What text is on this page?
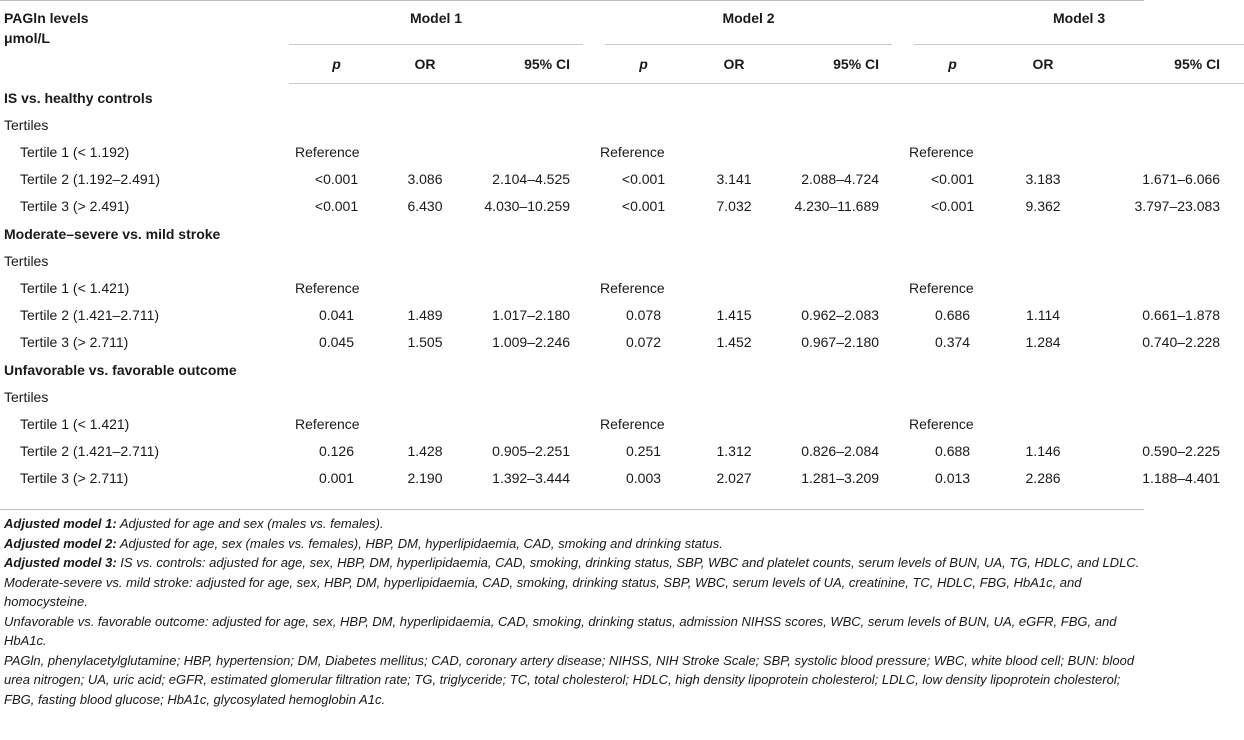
PAGln levels
μmol/L	Model 1			Model 2			Model 3		
	p	OR	95% CI	p	OR	95% CI	p	OR	95% CI
IS vs. healthy controls									
Tertiles									
Tertile 1 (< 1.192)	Reference			Reference			Reference		
Tertile 2 (1.192–2.491)	<0.001	3.086	2.104–4.525	<0.001	3.141	2.088–4.724	<0.001	3.183	1.671–6.066
Tertile 3 (> 2.491)	<0.001	6.430	4.030–10.259	<0.001	7.032	4.230–11.689	<0.001	9.362	3.797–23.083
Moderate–severe vs. mild stroke									
Tertiles									
Tertile 1 (< 1.421)	Reference			Reference			Reference		
Tertile 2 (1.421–2.711)	0.041	1.489	1.017–2.180	0.078	1.415	0.962–2.083	0.686	1.114	0.661–1.878
Tertile 3 (> 2.711)	0.045	1.505	1.009–2.246	0.072	1.452	0.967–2.180	0.374	1.284	0.740–2.228
Unfavorable vs. favorable outcome									
Tertiles									
Tertile 1 (< 1.421)	Reference			Reference			Reference		
Tertile 2 (1.421–2.711)	0.126	1.428	0.905–2.251	0.251	1.312	0.826–2.084	0.688	1.146	0.590–2.225
Tertile 3 (> 2.711)	0.001	2.190	1.392–3.444	0.003	2.027	1.281–3.209	0.013	2.286	1.188–4.401

Adjusted model 1: Adjusted for age and sex (males vs. females).

Adjusted model 2: Adjusted for age, sex (males vs. females), HBP, DM, hyperlipidaemia, CAD, smoking and drinking status.

Adjusted model 3: IS vs. controls: adjusted for age, sex, HBP, DM, hyperlipidaemia, CAD, smoking, drinking status, SBP, WBC and platelet counts, serum levels of BUN, UA, TG, HDLC, and LDLC.

Moderate-severe vs. mild stroke: adjusted for age, sex, HBP, DM, hyperlipidaemia, CAD, smoking, drinking status, SBP, WBC, serum levels of UA, creatinine, TC, HDLC, FBG, HbA1c, and homocysteine.

Unfavorable vs. favorable outcome: adjusted for age, sex, HBP, DM, hyperlipidaemia, CAD, smoking, drinking status, admission NIHSS scores, WBC, serum levels of BUN, UA, eGFR, FBG, and HbA1c.

PAGln, phenylacetylglutamine; HBP, hypertension; DM, Diabetes mellitus; CAD, coronary artery disease; NIHSS, NIH Stroke Scale; SBP, systolic blood pressure; WBC, white blood cell; BUN: blood urea nitrogen; UA, uric acid; eGFR, estimated glomerular filtration rate; TG, triglyceride; TC, total cholesterol; HDLC, high density lipoprotein cholesterol; LDLC, low density lipoprotein cholesterol; FBG, fasting blood glucose; HbA1c, glycosylated hemoglobin A1c.
